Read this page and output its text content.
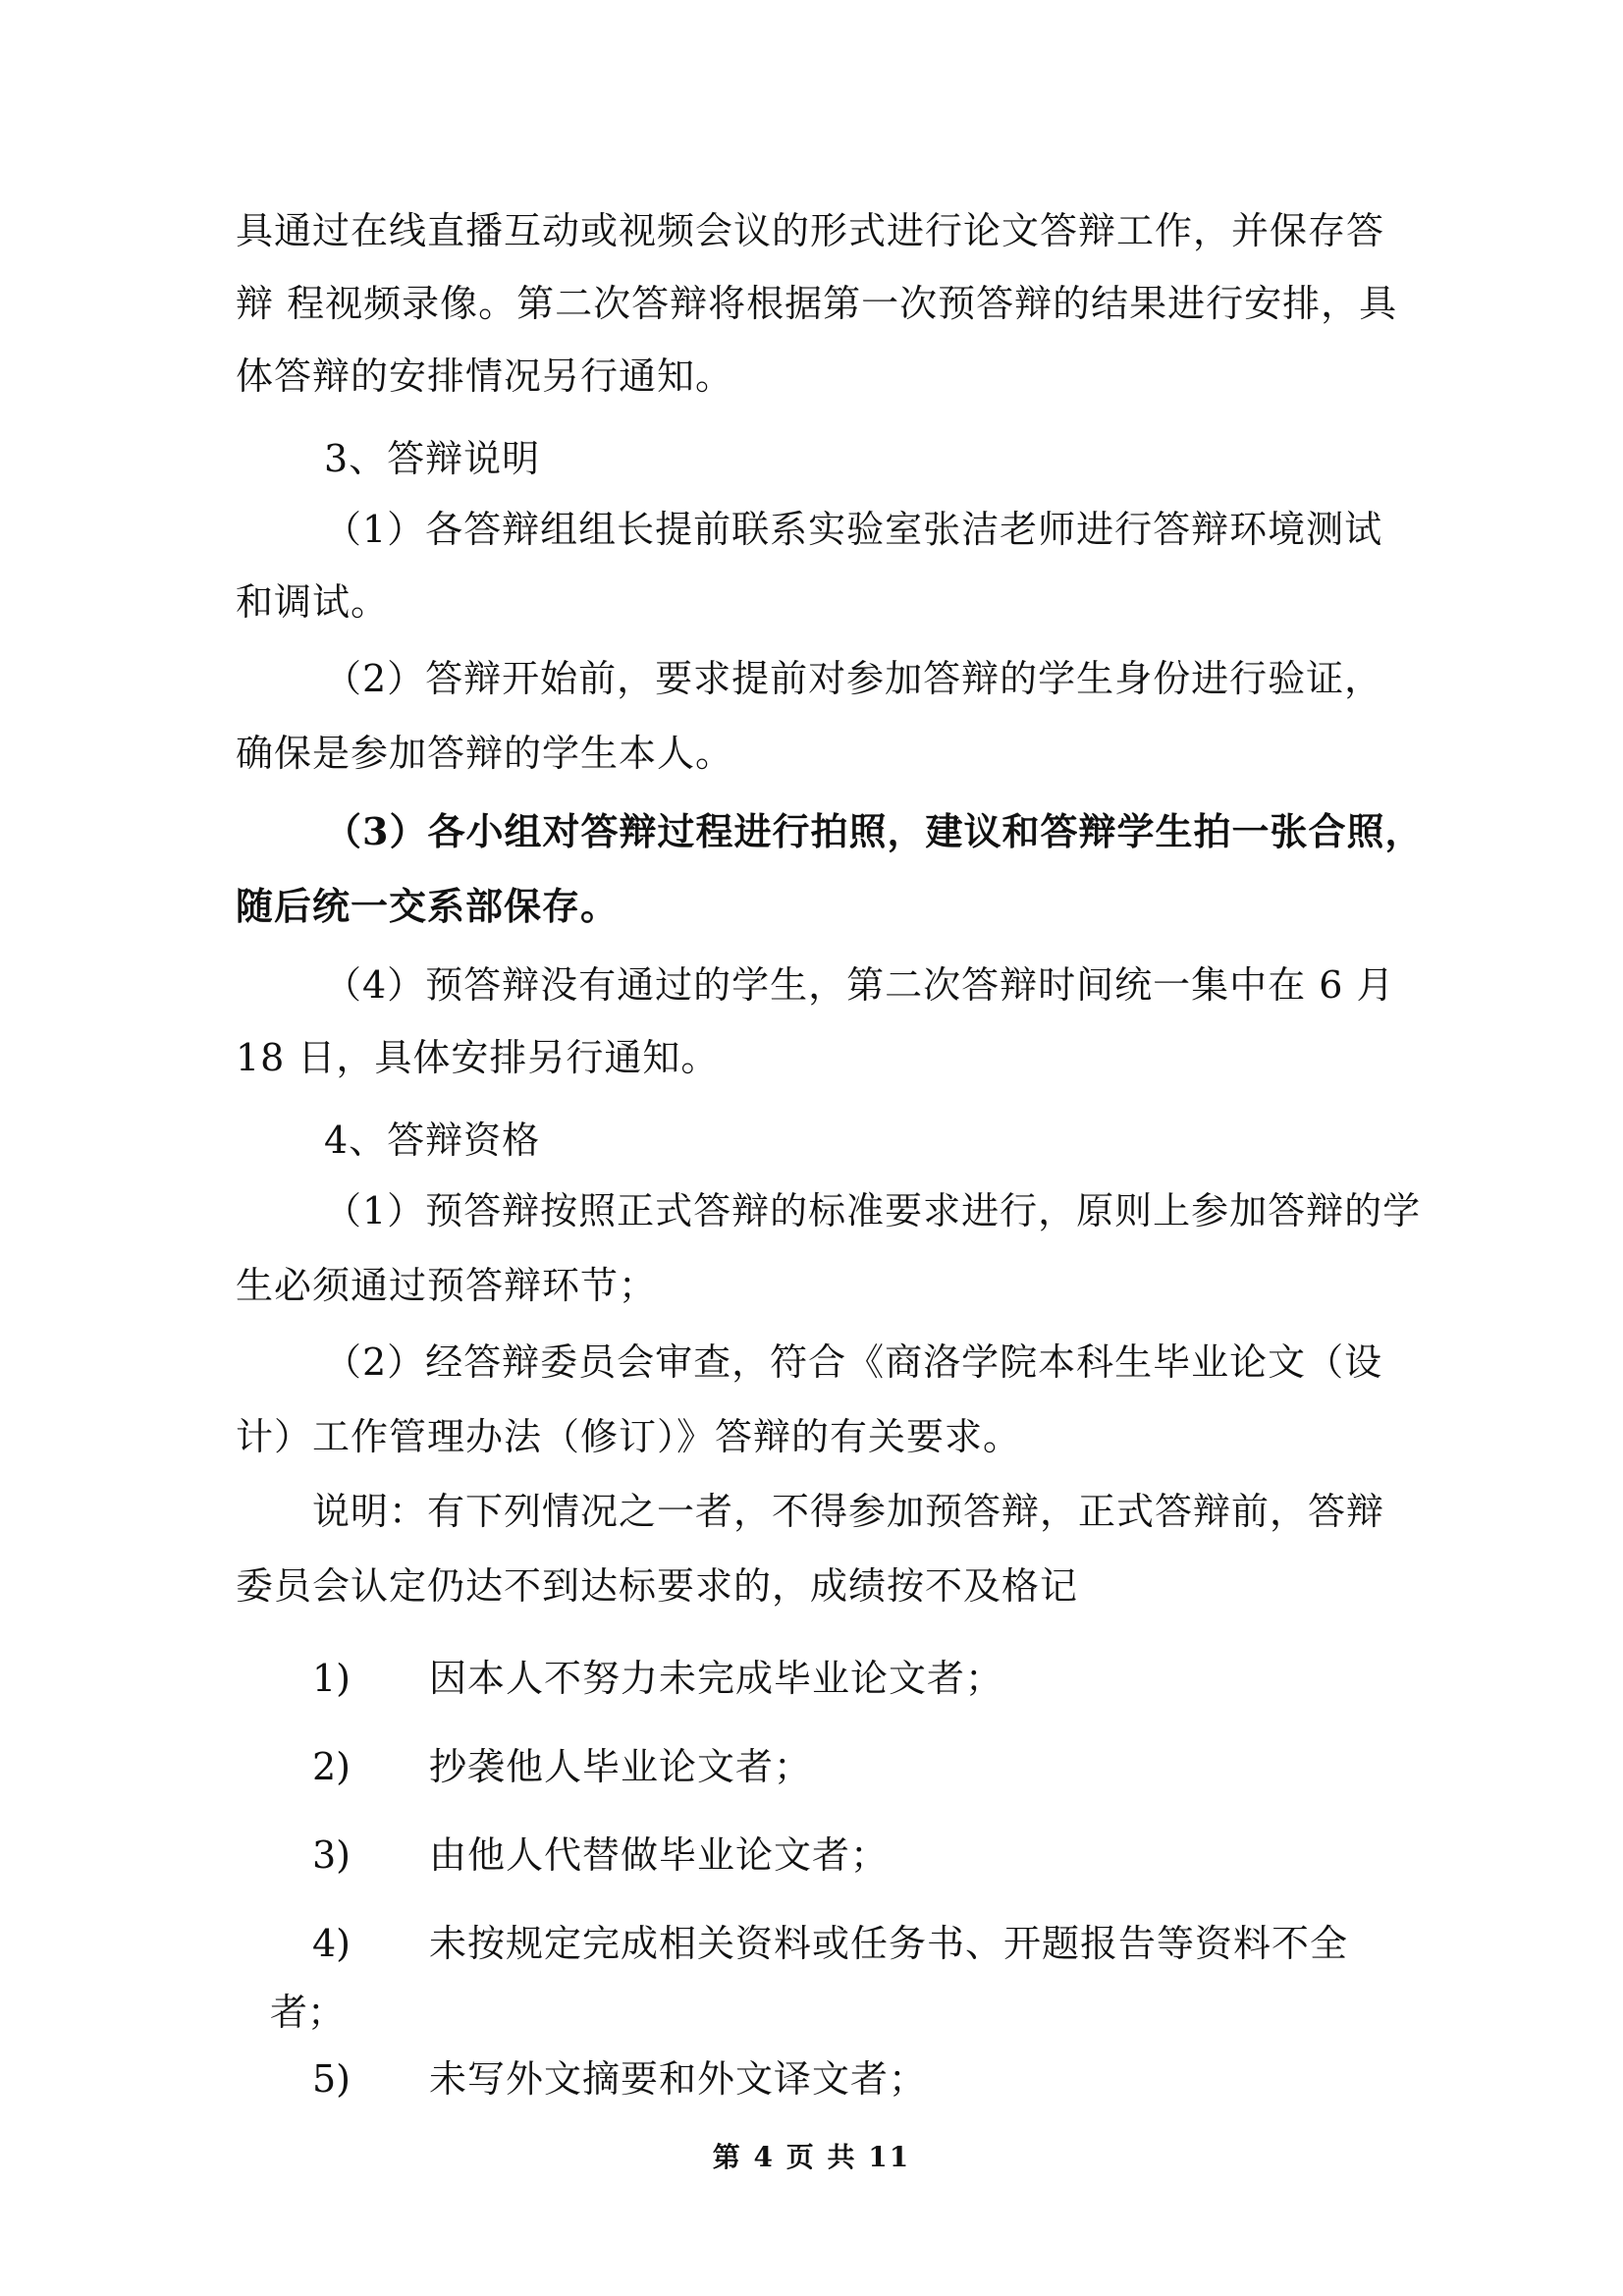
具通过在线直播互动或视频会议的形式进行论文答辩工作，并保存答
辩 程视频录像。第二次答辩将根据第一次预答辩的结果进行安排，具
体答辩的安排情况另行通知。
3、答辩说明
（1）各答辩组组长提前联系实验室张洁老师进行答辩环境测试
和调试。
（2）答辩开始前，要求提前对参加答辩的学生身份进行验证，
确保是参加答辩的学生本人。
（3）各小组对答辩过程进行拍照，建议和答辩学生拍一张合照，
随后统一交系部保存。
（4）预答辩没有通过的学生，第二次答辩时间统一集中在 6 月
18 日，具体安排另行通知。
4、答辩资格
（1）预答辩按照正式答辩的标准要求进行，原则上参加答辩的学
生必须通过预答辩环节；
（2）经答辩委员会审查，符合《商洛学院本科生毕业论文（设
计）工作管理办法（修订）》答辩的有关要求。
说明：有下列情况之一者，不得参加预答辩，正式答辩前，答辩
委员会认定仍达不到达标要求的，成绩按不及格记
1) 因本人不努力未完成毕业论文者；
2) 抄袭他人毕业论文者；
3) 由他人代替做毕业论文者；
4) 未按规定完成相关资料或任务书、开题报告等资料不全
者；
5) 未写外文摘要和外文译文者；
第 4 页 共 11
